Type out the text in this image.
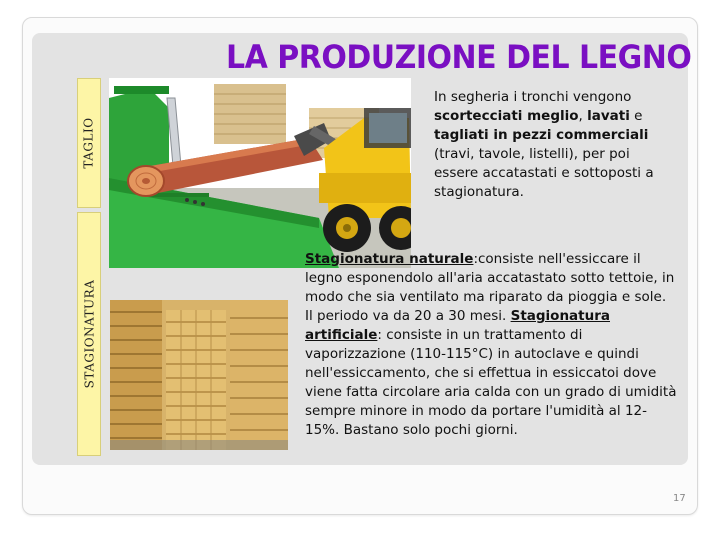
LA PRODUZIONE DEL LEGNO
TAGLIO
STAGIONATURA
In segheria i tronchi vengono scortecciati meglio, lavati e tagliati in pezzi commerciali (travi, tavole, listelli), per poi essere accatastati e sottoposti a stagionatura.
Stagionatura naturale:consiste nell'essiccare il legno esponendolo all'aria accatastato sotto tettoie, in modo che sia ventilato ma riparato da pioggia e sole. Il periodo va da 20 a 30 mesi. Stagionatura artificiale: consiste in un trattamento di vaporizzazione (110-115°C) in autoclave e quindi nell'essiccamento, che si effettua in essiccatoi dove viene fatta circolare aria calda con un grado di umidità sempre minore in modo da portare l'umidità al 12-15%. Bastano solo pochi giorni.
17
